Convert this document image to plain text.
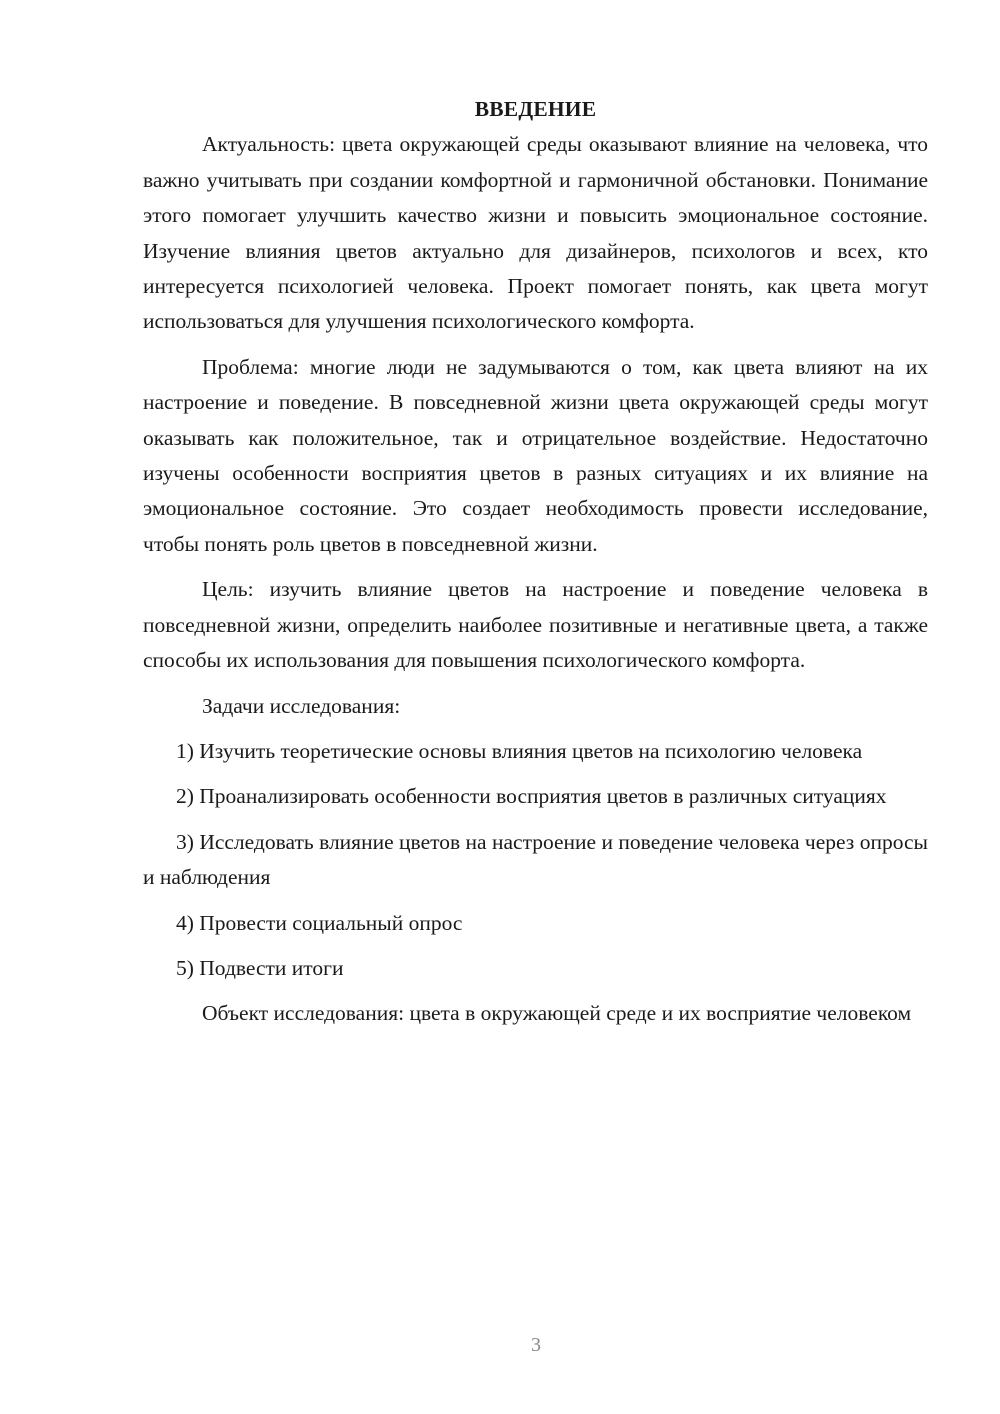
ВВЕДЕНИЕ

Актуальность: цвета окружающей среды оказывают влияние на человека, что важно учитывать при создании комфортной и гармоничной обстановки. Понимание этого помогает улучшить качество жизни и повысить эмоциональное состояние. Изучение влияния цветов актуально для дизайнеров, психологов и всех, кто интересуется психологией человека. Проект помогает понять, как цвета могут использоваться для улучшения психологического комфорта.

Проблема: многие люди не задумываются о том, как цвета влияют на их настроение и поведение. В повседневной жизни цвета окружающей среды могут оказывать как положительное, так и отрицательное воздействие. Недостаточно изучены особенности восприятия цветов в разных ситуациях и их влияние на эмоциональное состояние. Это создает необходимость провести исследование, чтобы понять роль цветов в повседневной жизни.

Цель: изучить влияние цветов на настроение и поведение человека в повседневной жизни, определить наиболее позитивные и негативные цвета, а также способы их использования для повышения психологического комфорта.

Задачи исследования:

1) Изучить теоретические основы влияния цветов на психологию человека

2) Проанализировать особенности восприятия цветов в различных ситуациях

3) Исследовать влияние цветов на настроение и поведение человека через опросы и наблюдения

4) Провести социальный опрос

5) Подвести итоги

Объект исследования: цвета в окружающей среде и их восприятие человеком

3
